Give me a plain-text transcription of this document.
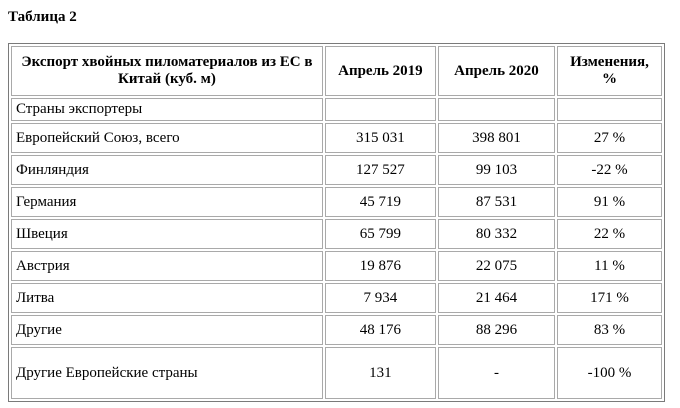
Таблица 2

Экспорт хвойных пиломатериалов из ЕС в Китай (куб. м)	Апрель 2019	Апрель 2020	Изменения, %
Страны экспортеры			
Европейский Союз, всего	315 031	398 801	27 %
Финляндия	127 527	99 103	-22 %
Германия	45 719	87 531	91 %
Швеция	65 799	80 332	22 %
Австрия	19 876	22 075	11 %
Литва	7 934	21 464	171 %
Другие	48 176	88 296	83 %
Другие Европейские страны	131	-	-100 %
